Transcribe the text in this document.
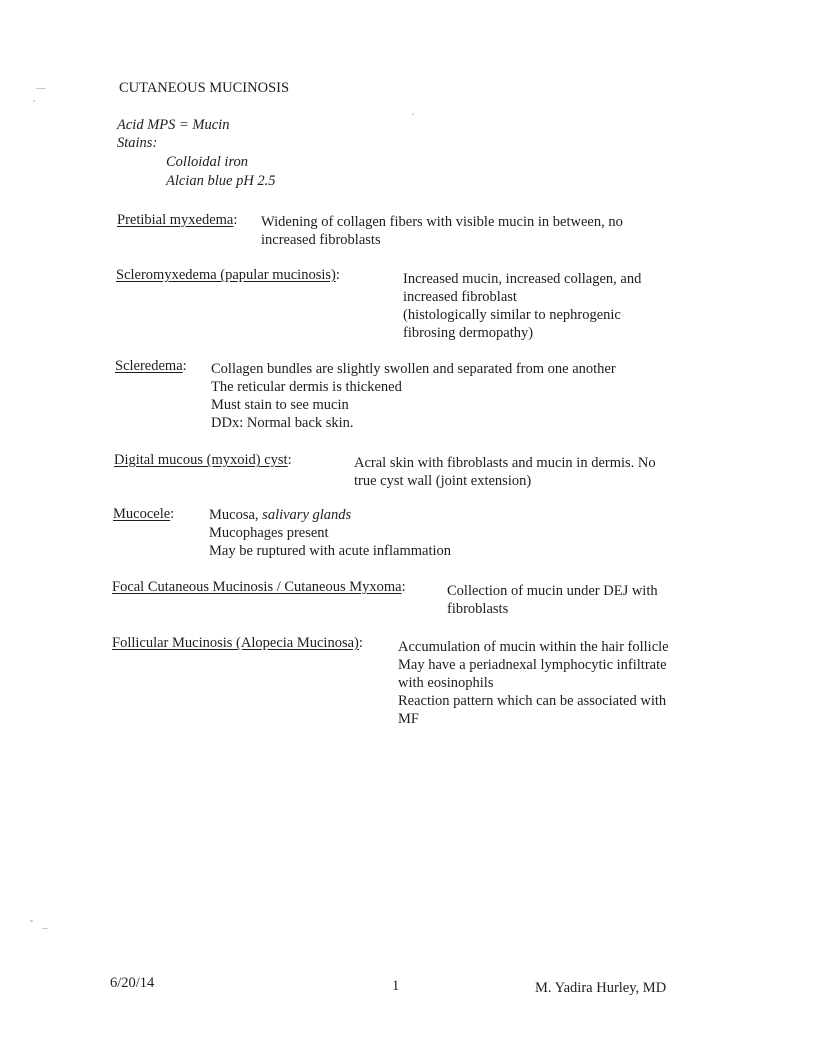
CUTANEOUS MUCINOSIS
Acid MPS = Mucin
Stains:
Colloidal iron
Alcian blue pH 2.5
Pretibial myxedema: Widening of collagen fibers with visible mucin in between, no
increased fibroblasts
Scleromyxedema (papular mucinosis):	Increased mucin, increased collagen, and
increased fibroblast
(histologically similar to nephrogenic
fibrosing dermopathy)
Scleredema: Collagen bundles are slightly swollen and separated from one another
The reticular dermis is thickened
Must stain to see mucin
DDx: Normal back skin.
Digital mucous (myxoid) cyst:	Acral skin with fibroblasts and mucin in dermis. No
true cyst wall (joint extension)
Mucocele: Mucosa, salivary glands
Mucophages present
May be ruptured with acute inflammation
Focal Cutaneous Mucinosis / Cutaneous Myxoma:	Collection of mucin under DEJ with
fibroblasts
Follicular Mucinosis (Alopecia Mucinosa): Accumulation of mucin within the hair follicle
May have a periadnexal lymphocytic infiltrate
with eosinophils
Reaction pattern which can be associated with
MF
6/20/14	1	M. Yadira Hurley, MD
